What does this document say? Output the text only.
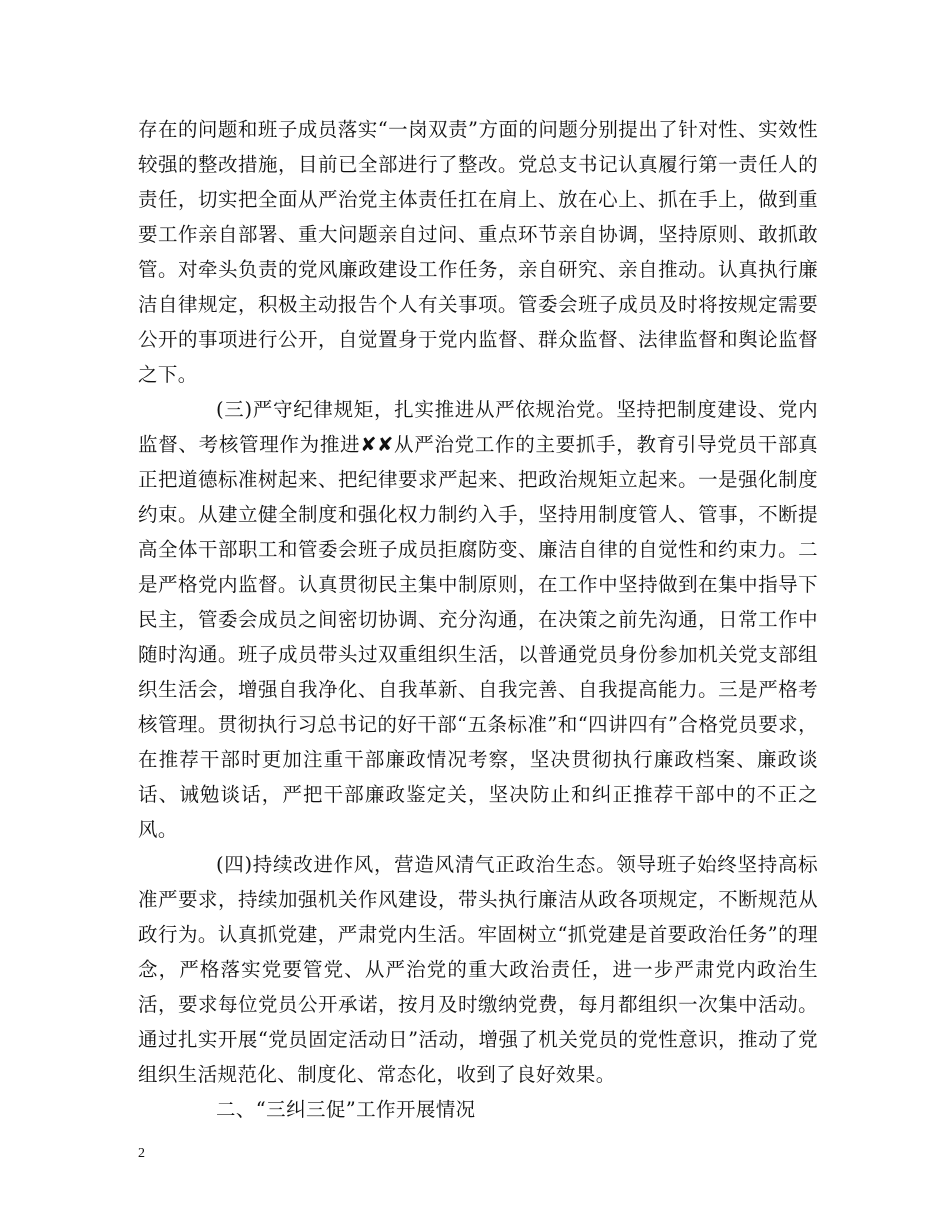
存在的问题和班子成员落实“一岗双责”方面的问题分别提出了针对性、实效性较强的整改措施，目前已全部进行了整改。党总支书记认真履行第一责任人的责任，切实把全面从严治党主体责任扛在肩上、放在心上、抓在手上，做到重要工作亲自部署、重大问题亲自过问、重点环节亲自协调，坚持原则、敢抓敢管。对牵头负责的党风廉政建设工作任务，亲自研究、亲自推动。认真执行廉洁自律规定，积极主动报告个人有关事项。管委会班子成员及时将按规定需要公开的事项进行公开，自觉置身于党内监督、群众监督、法律监督和舆论监督之下。

(三)严守纪律规矩，扎实推进从严依规治党。坚持把制度建设、党内监督、考核管理作为推进✘✘从严治党工作的主要抓手，教育引导党员干部真正把道德标准树起来、把纪律要求严起来、把政治规矩立起来。一是强化制度约束。从建立健全制度和强化权力制约入手，坚持用制度管人、管事，不断提高全体干部职工和管委会班子成员拒腐防变、廉洁自律的自觉性和约束力。二是严格党内监督。认真贯彻民主集中制原则，在工作中坚持做到在集中指导下民主，管委会成员之间密切协调、充分沟通，在决策之前先沟通，日常工作中随时沟通。班子成员带头过双重组织生活，以普通党员身份参加机关党支部组织生活会，增强自我净化、自我革新、自我完善、自我提高能力。三是严格考核管理。贯彻执行习总书记的好干部“五条标准”和“四讲四有”合格党员要求，在推荐干部时更加注重干部廉政情况考察，坚决贯彻执行廉政档案、廉政谈话、诫勉谈话，严把干部廉政鉴定关，坚决防止和纠正推荐干部中的不正之风。

(四)持续改进作风，营造风清气正政治生态。领导班子始终坚持高标准严要求，持续加强机关作风建设，带头执行廉洁从政各项规定，不断规范从政行为。认真抓党建，严肃党内生活。牢固树立“抓党建是首要政治任务”的理念，严格落实党要管党、从严治党的重大政治责任，进一步严肃党内政治生活，要求每位党员公开承诺，按月及时缴纳党费，每月都组织一次集中活动。通过扎实开展“党员固定活动日”活动，增强了机关党员的党性意识，推动了党组织生活规范化、制度化、常态化，收到了良好效果。

二、“三纠三促”工作开展情况

2
